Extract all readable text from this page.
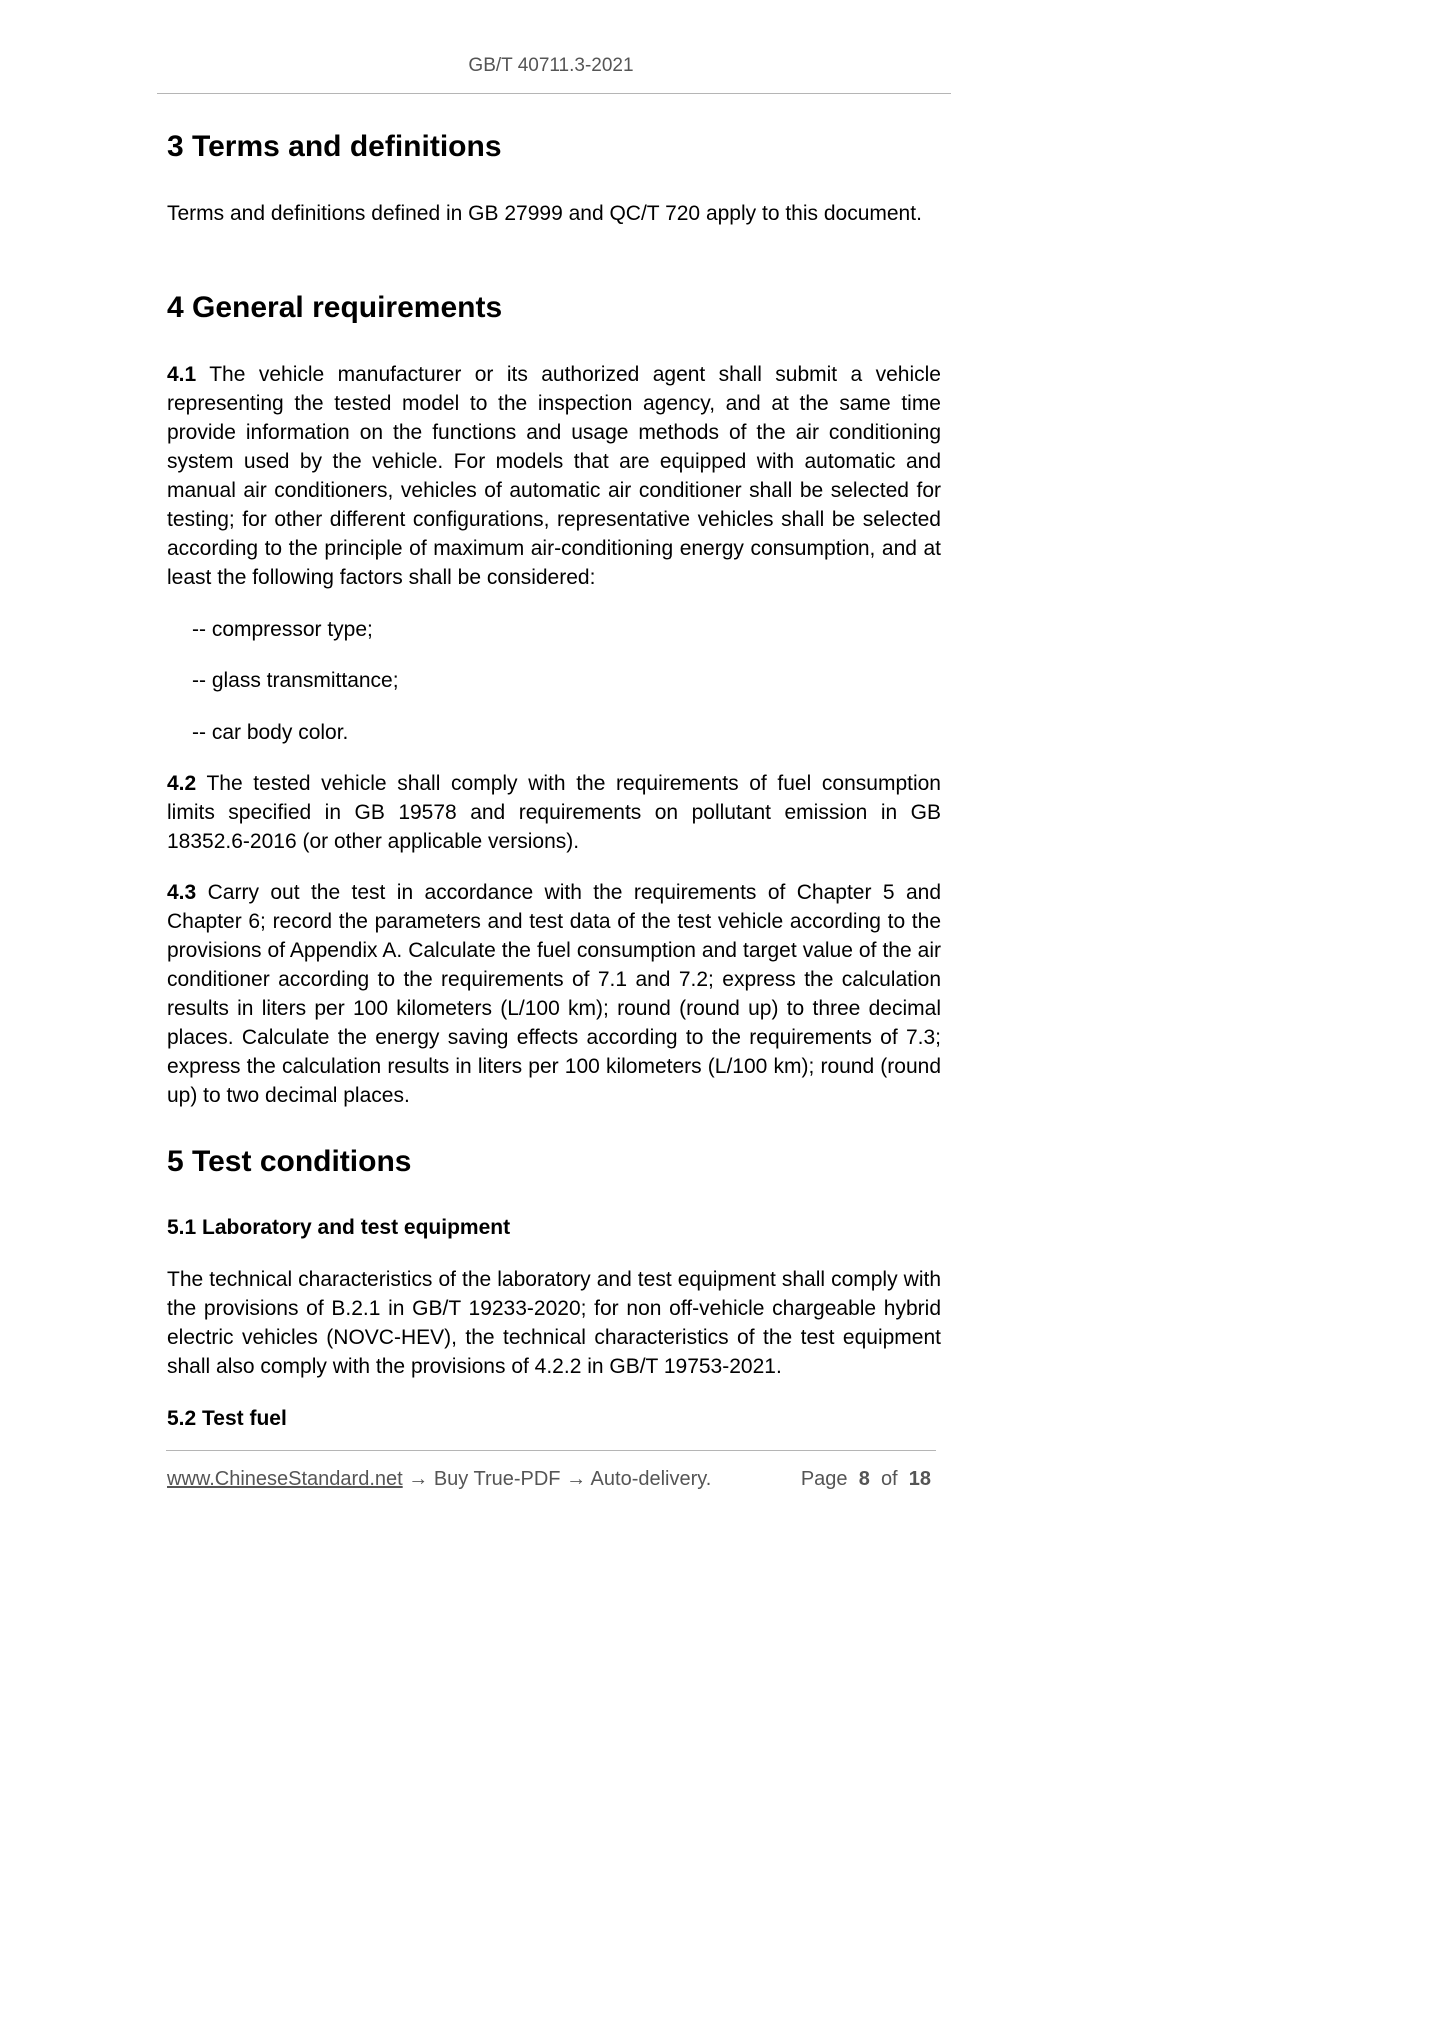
GB/T 40711.3-2021
3 Terms and definitions

Terms and definitions defined in GB 27999 and QC/T 720 apply to this document.

4 General requirements

4.1 The vehicle manufacturer or its authorized agent shall submit a vehicle representing the tested model to the inspection agency, and at the same time provide information on the functions and usage methods of the air conditioning system used by the vehicle. For models that are equipped with automatic and manual air conditioners, vehicles of automatic air conditioner shall be selected for testing; for other different configurations, representative vehicles shall be selected according to the principle of maximum air-conditioning energy consumption, and at least the following factors shall be considered:

-- compressor type;

-- glass transmittance;

-- car body color.

4.2 The tested vehicle shall comply with the requirements of fuel consumption limits specified in GB 19578 and requirements on pollutant emission in GB 18352.6-2016 (or other applicable versions).

4.3 Carry out the test in accordance with the requirements of Chapter 5 and Chapter 6; record the parameters and test data of the test vehicle according to the provisions of Appendix A. Calculate the fuel consumption and target value of the air conditioner according to the requirements of 7.1 and 7.2; express the calculation results in liters per 100 kilometers (L/100 km); round (round up) to three decimal places. Calculate the energy saving effects according to the requirements of 7.3; express the calculation results in liters per 100 kilometers (L/100 km); round (round up) to two decimal places.

5 Test conditions
5.1 Laboratory and test equipment

The technical characteristics of the laboratory and test equipment shall comply with the provisions of B.2.1 in GB/T 19233-2020; for non off-vehicle chargeable hybrid electric vehicles (NOVC-HEV), the technical characteristics of the test equipment shall also comply with the provisions of 4.2.2 in GB/T 19753-2021.

5.2 Test fuel
www.ChineseStandard.net → Buy True-PDF → Auto-delivery.	Page 8 of 18
